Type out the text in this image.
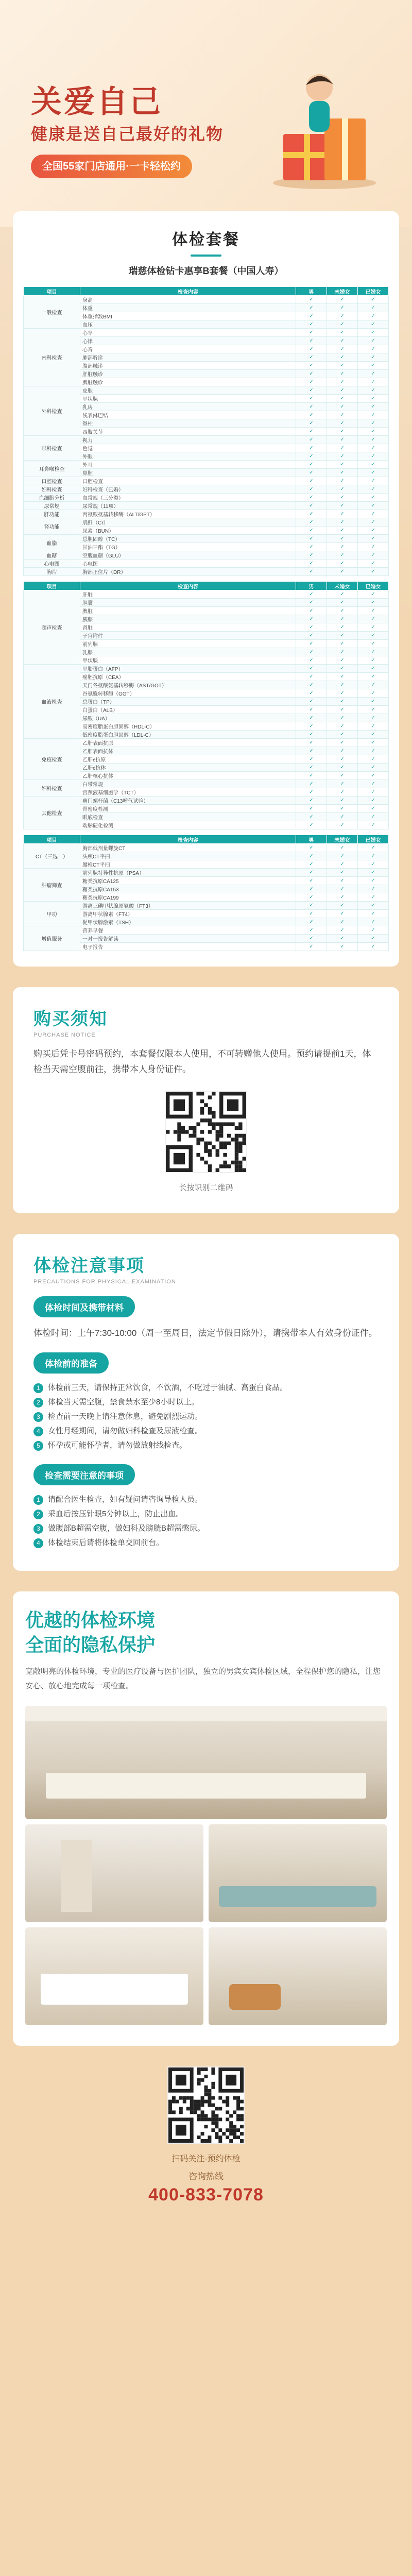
关爱自己
健康是送自己最好的礼物
全国55家门店通用·一卡轻松约
体检套餐
瑞慈体检钻卡惠享B套餐（中国人寿）
项目	检查内容	男	未婚女	已婚女
一般检查	身高	✓	✓	✓
	体重	✓	✓	✓
	体重指数BMI	✓	✓	✓
	血压	✓	✓	✓
内科检查	心率	✓	✓	✓
	心律	✓	✓	✓
	心音	✓	✓	✓
	肺部听诊	✓	✓	✓
	腹部触诊	✓	✓	✓
	肝脏触诊	✓	✓	✓
	脾脏触诊	✓	✓	✓
外科检查	皮肤	✓	✓	✓
	甲状腺	✓	✓	✓
	乳房	✓	✓	✓
	浅表淋巴结	✓	✓	✓
	脊柱	✓	✓	✓
	四肢关节	✓	✓	✓
眼科检查	视力	✓	✓	✓
	色觉	✓	✓	✓
	外眼	✓	✓	✓
耳鼻喉检查	外耳	✓	✓	✓
	鼻腔	✓	✓	✓
口腔检查	口腔检查	✓	✓	✓
妇科检查	妇科检查（已婚）	✓	✓	✓
血细胞分析	血常规（三分类）	✓	✓	✓
尿常规	尿常规（11项）	✓	✓	✓
肝功能	丙氨酸氨基转移酶（ALT/GPT）	✓	✓	✓
肾功能	肌酐（Cr）	✓	✓	✓
	尿素（BUN）	✓	✓	✓
血脂	总胆固醇（TC）	✓	✓	✓
	甘油三酯（TG）	✓	✓	✓
血糖	空腹血糖（GLU）	✓	✓	✓
心电图	心电图	✓	✓	✓
胸片	胸部正位片（DR）	✓	✓	✓
项目	检查内容	男	未婚女	已婚女
超声检查	肝脏	✓	✓	✓
	胆囊	✓	✓	✓
	脾脏	✓	✓	✓
	胰腺	✓	✓	✓
	肾脏	✓	✓	✓
	子宫附件	✓	✓	✓
	前列腺	✓	✓	✓
	乳腺	✓	✓	✓
	甲状腺	✓	✓	✓
血液检查	甲胎蛋白（AFP）	✓	✓	✓
	癌胚抗原（CEA）	✓	✓	✓
	天门冬氨酸氨基转移酶（AST/GOT）	✓	✓	✓
	谷氨酰转移酶（GGT）	✓	✓	✓
	总蛋白（TP）	✓	✓	✓
	白蛋白（ALB）	✓	✓	✓
	尿酸（UA）	✓	✓	✓
	高密度脂蛋白胆固醇（HDL-C）	✓	✓	✓
	低密度脂蛋白胆固醇（LDL-C）	✓	✓	✓
免疫检查	乙肝表面抗原	✓	✓	✓
	乙肝表面抗体	✓	✓	✓
	乙肝e抗原	✓	✓	✓
	乙肝e抗体	✓	✓	✓
	乙肝核心抗体	✓	✓	✓
妇科检查	白带常规	✓	✓	✓
	宫颈液基细胞学（TCT）	✓	✓	✓
其他检查	幽门螺杆菌（C13呼气试验）	✓	✓	✓
	骨密度检测	✓	✓	✓
	眼底检查	✓	✓	✓
	动脉硬化检测	✓	✓	✓
项目	检查内容	男	未婚女	已婚女
CT（三选一）	胸部低剂量螺旋CT	✓	✓	✓
	头颅CT平扫	✓	✓	✓
	腰椎CT平扫	✓	✓	✓
肿瘤筛查	前列腺特异性抗原（PSA）	✓	✓	✓
	糖类抗原CA125	✓	✓	✓
	糖类抗原CA153	✓	✓	✓
	糖类抗原CA199	✓	✓	✓
甲功	游离三碘甲状腺原氨酸（FT3）	✓	✓	✓
	游离甲状腺素（FT4）	✓	✓	✓
	促甲状腺激素（TSH）	✓	✓	✓
增值服务	营养早餐	✓	✓	✓
	一对一报告解读	✓	✓	✓
	电子报告	✓	✓	✓
购买须知
PURCHASE NOTICE

购买后凭卡号密码预约，本套餐仅限本人使用，不可转赠他人使用。预约请提前1天，体检当天需空腹前往，携带本人身份证件。

长按识别二维码
体检注意事项
PRECAUTIONS FOR PHYSICAL EXAMINATION
体检时间及携带材料

体检时间：上午7:30-10:00（周一至周日，法定节假日除外），请携带本人有效身份证件。

体检前的准备
1	体检前三天，请保持正常饮食，不饮酒，不吃过于油腻、高蛋白食品。
2	体检当天需空腹，禁食禁水至少8小时以上。
3	检查前一天晚上请注意休息，避免剧烈运动。
4	女性月经期间，请勿做妇科检查及尿液检查。
5	怀孕或可能怀孕者，请勿做放射线检查。
检查需要注意的事项
1	请配合医生检查，如有疑问请咨询导检人员。
2	采血后按压针眼5分钟以上，防止出血。
3	做腹部B超需空腹，做妇科及膀胱B超需憋尿。
4	体检结束后请将体检单交回前台。
优越的体检环境
全面的隐私保护

宽敞明亮的体检环境，专业的医疗设备与医护团队，独立的男宾女宾体检区域，全程保护您的隐私，让您安心、放心地完成每一项检查。

扫码关注·预约体检
咨询热线
400-833-7078
